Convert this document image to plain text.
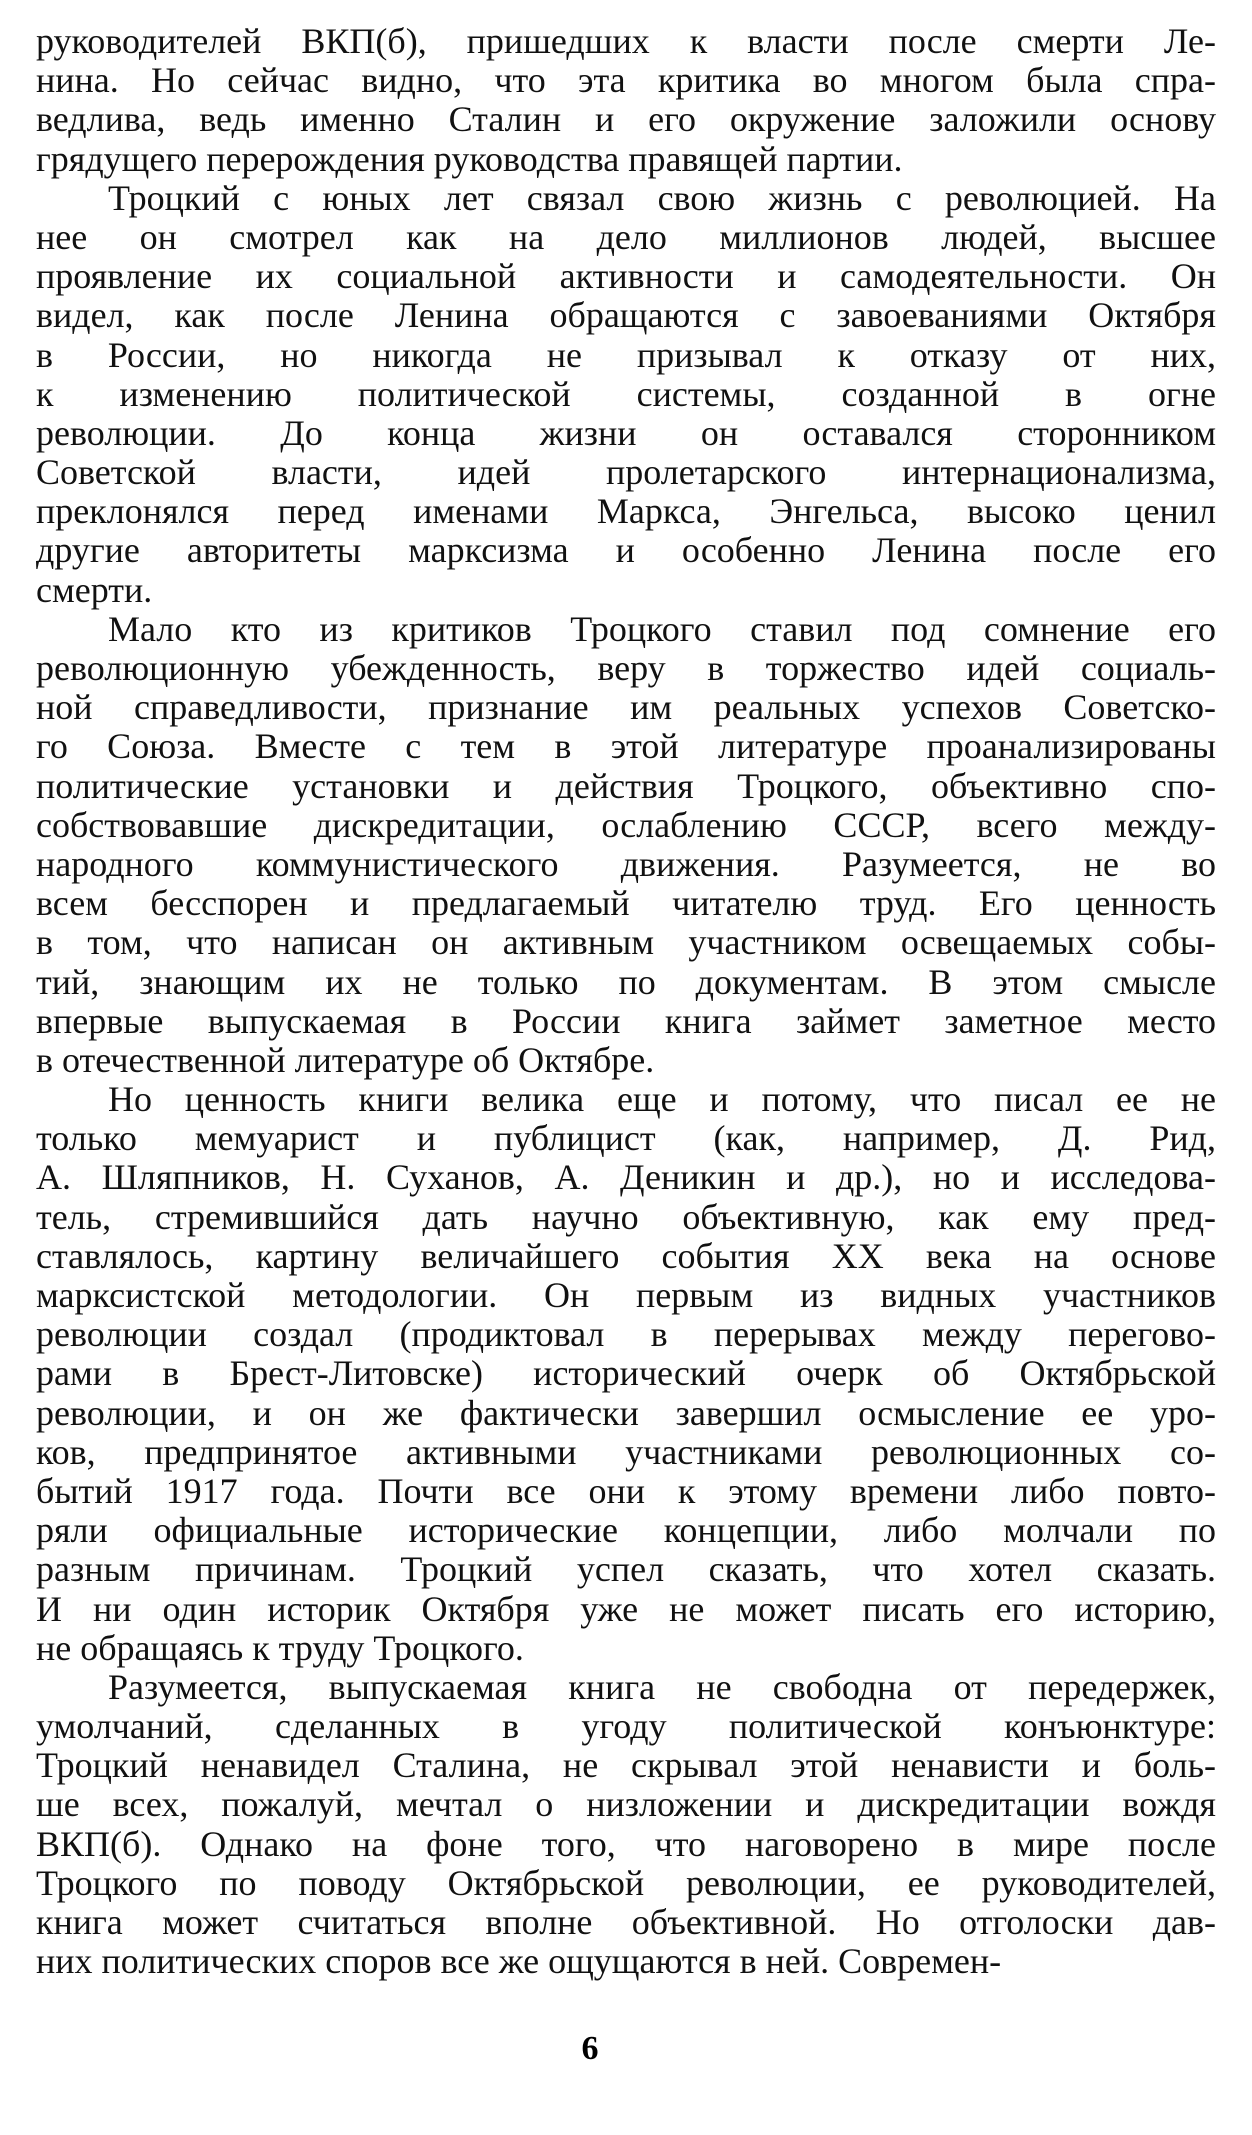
руководителей ВКП(б), пришедших к власти после смерти Ле-
нина. Но сейчас видно, что эта критика во многом была спра-
ведлива, ведь именно Сталин и его окружение заложили основу
грядущего перерождения руководства правящей партии.
Троцкий с юных лет связал свою жизнь с революцией. На
нее он смотрел как на дело миллионов людей, высшее
проявление их социальной активности и самодеятельности. Он
видел, как после Ленина обращаются с завоеваниями Октября
в России, но никогда не призывал к отказу от них,
к изменению политической системы, созданной в огне
революции. До конца жизни он оставался сторонником
Советской власти, идей пролетарского интернационализма,
преклонялся перед именами Маркса, Энгельса, высоко ценил
другие авторитеты марксизма и особенно Ленина после его
смерти.
Мало кто из критиков Троцкого ставил под сомнение его
революционную убежденность, веру в торжество идей социаль-
ной справедливости, признание им реальных успехов Советско-
го Союза. Вместе с тем в этой литературе проанализированы
политические установки и действия Троцкого, объективно спо-
собствовавшие дискредитации, ослаблению СССР, всего между-
народного коммунистического движения. Разумеется, не во
всем бесспорен и предлагаемый читателю труд. Его ценность
в том, что написан он активным участником освещаемых собы-
тий, знающим их не только по документам. В этом смысле
впервые выпускаемая в России книга займет заметное место
в отечественной литературе об Октябре.
Но ценность книги велика еще и потому, что писал ее не
только мемуарист и публицист (как, например, Д. Рид,
А. Шляпников, Н. Суханов, А. Деникин и др.), но и исследова-
тель, стремившийся дать научно объективную, как ему пред-
ставлялось, картину величайшего события XX века на основе
марксистской методологии. Он первым из видных участников
революции создал (продиктовал в перерывах между перегово-
рами в Брест-Литовске) исторический очерк об Октябрьской
революции, и он же фактически завершил осмысление ее уро-
ков, предпринятое активными участниками революционных со-
бытий 1917 года. Почти все они к этому времени либо повто-
ряли официальные исторические концепции, либо молчали по
разным причинам. Троцкий успел сказать, что хотел сказать.
И ни один историк Октября уже не может писать его историю,
не обращаясь к труду Троцкого.
Разумеется, выпускаемая книга не свободна от передержек,
умолчаний, сделанных в угоду политической конъюнктуре:
Троцкий ненавидел Сталина, не скрывал этой ненависти и боль-
ше всех, пожалуй, мечтал о низложении и дискредитации вождя
ВКП(б). Однако на фоне того, что наговорено в мире после
Троцкого по поводу Октябрьской революции, ее руководителей,
книга может считаться вполне объективной. Но отголоски дав-
них политических споров все же ощущаются в ней. Современ-
6
